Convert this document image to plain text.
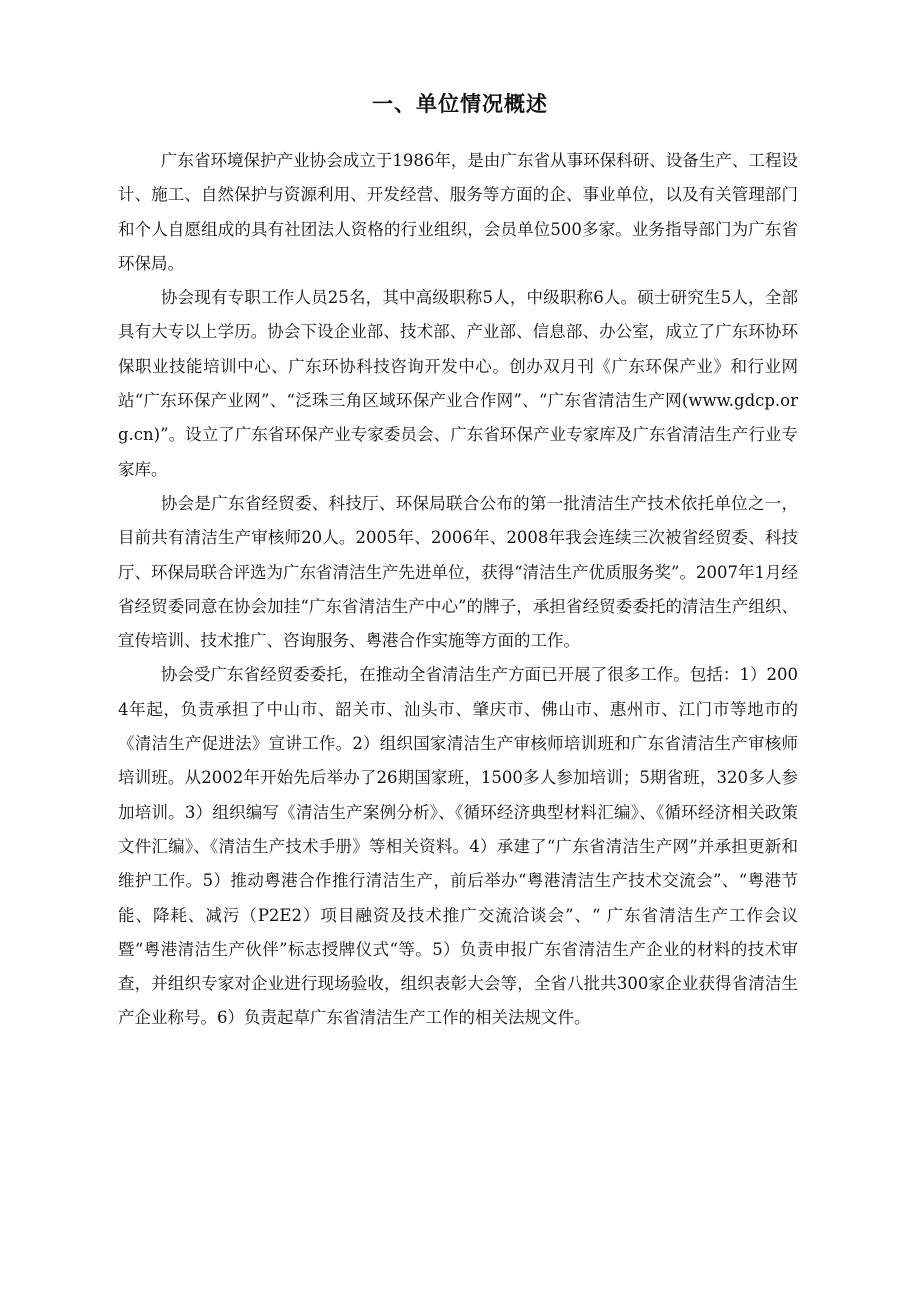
一、单位情况概述

广东省环境保护产业协会成立于1986年，是由广东省从事环保科研、设备生产、工程设计、施工、自然保护与资源利用、开发经营、服务等方面的企、事业单位，以及有关管理部门和个人自愿组成的具有社团法人资格的行业组织，会员单位500多家。业务指导部门为广东省环保局。

协会现有专职工作人员25名，其中高级职称5人，中级职称6人。硕士研究生5人，全部具有大专以上学历。协会下设企业部、技术部、产业部、信息部、办公室，成立了广东环协环保职业技能培训中心、广东环协科技咨询开发中心。创办双月刊《广东环保产业》和行业网站“广东环保产业网”、“泛珠三角区域环保产业合作网”、“广东省清洁生产网(www.gdcp.org.cn)”。设立了广东省环保产业专家委员会、广东省环保产业专家库及广东省清洁生产行业专家库。

协会是广东省经贸委、科技厅、环保局联合公布的第一批清洁生产技术依托单位之一，目前共有清洁生产审核师20人。2005年、2006年、2008年我会连续三次被省经贸委、科技厅、环保局联合评选为广东省清洁生产先进单位，获得“清洁生产优质服务奖”。2007年1月经省经贸委同意在协会加挂“广东省清洁生产中心”的牌子，承担省经贸委委托的清洁生产组织、宣传培训、技术推广、咨询服务、粤港合作实施等方面的工作。

协会受广东省经贸委委托，在推动全省清洁生产方面已开展了很多工作。包括：1）2004年起，负责承担了中山市、韶关市、汕头市、肇庆市、佛山市、惠州市、江门市等地市的《清洁生产促进法》宣讲工作。2）组织国家清洁生产审核师培训班和广东省清洁生产审核师培训班。从2002年开始先后举办了26期国家班，1500多人参加培训；5期省班，320多人参加培训。3）组织编写《清洁生产案例分析》、《循环经济典型材料汇编》、《循环经济相关政策文件汇编》、《清洁生产技术手册》等相关资料。4）承建了“广东省清洁生产网”并承担更新和维护工作。5）推动粤港合作推行清洁生产，前后举办“粤港清洁生产技术交流会”、“粤港节能、降耗、减污（P2E2）项目融资及技术推广交流洽谈会”、“ 广东省清洁生产工作会议暨“粤港清洁生产伙伴”标志授牌仪式“等。5）负责申报广东省清洁生产企业的材料的技术审查，并组织专家对企业进行现场验收，组织表彰大会等，全省八批共300家企业获得省清洁生产企业称号。6）负责起草广东省清洁生产工作的相关法规文件。
